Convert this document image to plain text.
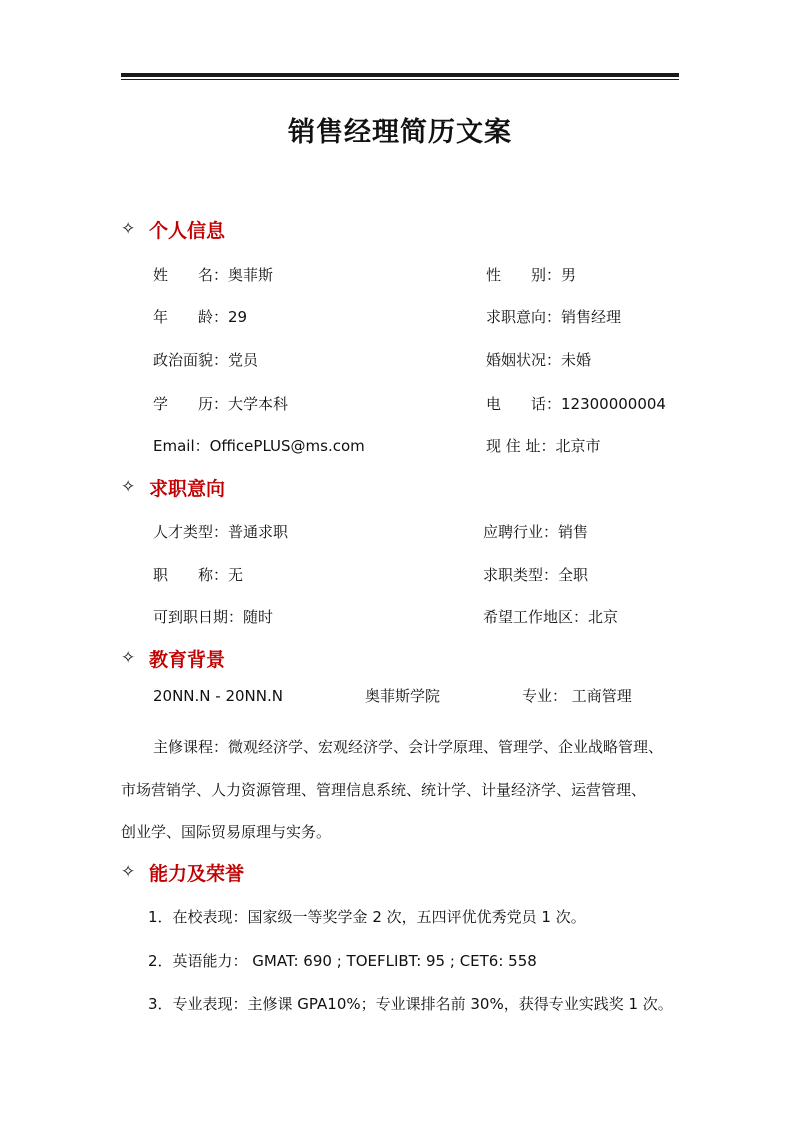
销售经理简历文案
✧ 个人信息
姓　　名：奥菲斯	性　　别：男
年　　龄：29	求职意向：销售经理
政治面貌：党员	婚姻状况：未婚
学　　历：大学本科	电　　话：12300000004
Email：OfficePLUS@ms.com	现 住 址：北京市
✧ 求职意向
人才类型：普通求职	应聘行业：销售
职　　称：无	求职类型：全职
可到职日期：随时	希望工作地区：北京
✧ 教育背景
20NN.N - 20NN.N	奥菲斯学院	专业： 工商管理
主修课程：微观经济学、宏观经济学、会计学原理、管理学、企业战略管理、
市场营销学、人力资源管理、管理信息系统、统计学、计量经济学、运营管理、
创业学、国际贸易原理与实务。
✧ 能力及荣誉
1．在校表现：国家级一等奖学金 2 次，五四评优优秀党员 1 次。
2．英语能力： GMAT: 690 ; TOEFLIBT: 95 ; CET6: 558
3．专业表现：主修课 GPA10%；专业课排名前 30%，获得专业实践奖 1 次。
